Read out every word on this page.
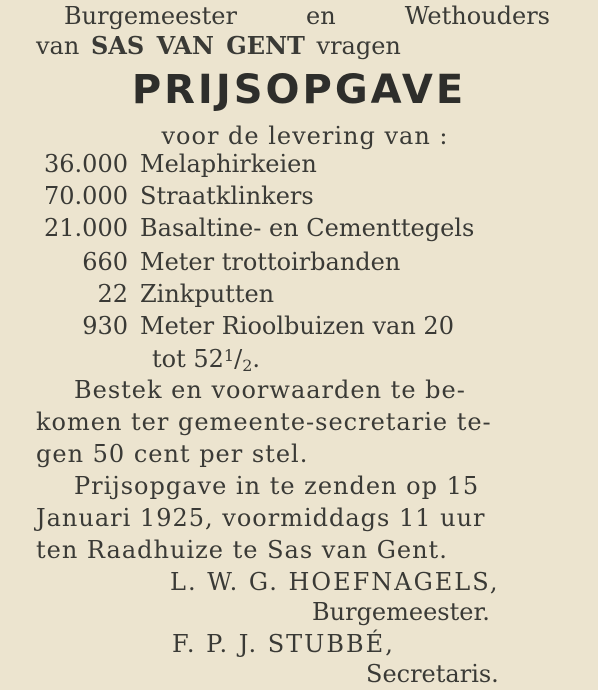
Burgemeester	en	Wethouders
van SAS VAN GENT vragen
PRIJSOPGAVE
voor de levering van :
36.000 Melaphirkeien
70.000 Straatklinkers
21.000 Basaltine- en Cementtegels
660 Meter trottoirbanden
22 Zinkputten
930 Meter Rioolbuizen van 20
tot $52^1/_2$.
Bestek en voorwaarden te be-
komen ter gemeente-secretarie te-
gen 50 cent per stel.
Prijsopgave in te zenden op 15
Januari 1925, voormiddags 11 uur
ten Raadhuize te Sas van Gent.
L. W. G. HOEFNAGELS,
Burgemeester.
F. P. J. STUBBÉ,
Secretaris.
